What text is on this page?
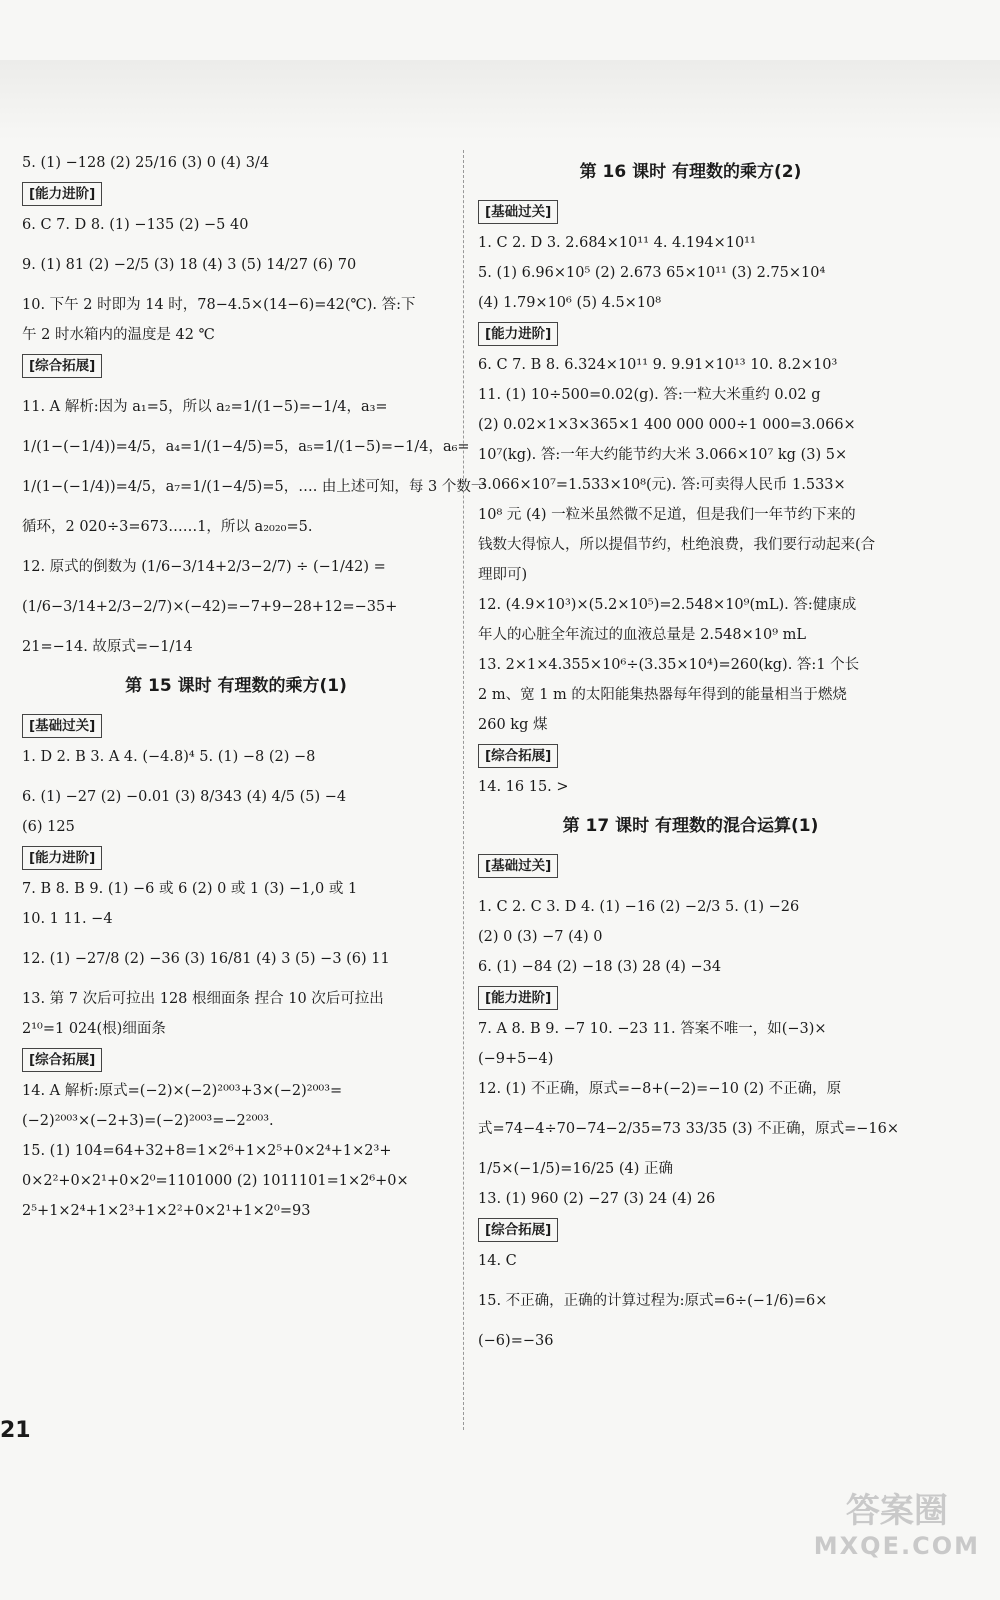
5. (1) −128 (2) 25/16 (3) 0 (4) 3/4

[能力进阶]

6. C 7. D 8. (1) −135 (2) −5 40

9. (1) 81 (2) −2/5 (3) 18 (4) 3 (5) 14/27 (6) 70

10. 下午 2 时即为 14 时，78−4.5×(14−6)=42(℃). 答:下

午 2 时水箱内的温度是 42 ℃

[综合拓展]

11. A 解析:因为 a₁=5，所以 a₂=1/(1−5)=−1/4，a₃=

1/(1−(−1/4))=4/5，a₄=1/(1−4/5)=5，a₅=1/(1−5)=−1/4，a₆=

1/(1−(−1/4))=4/5，a₇=1/(1−4/5)=5，…. 由上述可知，每 3 个数一

循环，2 020÷3=673……1，所以 a₂₀₂₀=5.

12. 原式的倒数为 (1/6−3/14+2/3−2/7) ÷ (−1/42) =

(1/6−3/14+2/3−2/7)×(−42)=−7+9−28+12=−35+

21=−14. 故原式=−1/14

第 15 课时 有理数的乘方(1)
[基础过关]

1. D 2. B 3. A 4. (−4.8)⁴ 5. (1) −8 (2) −8

6. (1) −27 (2) −0.01 (3) 8/343 (4) 4/5 (5) −4

(6) 125

[能力进阶]

7. B 8. B 9. (1) −6 或 6 (2) 0 或 1 (3) −1,0 或 1

10. 1 11. −4

12. (1) −27/8 (2) −36 (3) 16/81 (4) 3 (5) −3 (6) 11

13. 第 7 次后可拉出 128 根细面条 捏合 10 次后可拉出

2¹⁰=1 024(根)细面条

[综合拓展]

14. A 解析:原式=(−2)×(−2)²⁰⁰³+3×(−2)²⁰⁰³=

(−2)²⁰⁰³×(−2+3)=(−2)²⁰⁰³=−2²⁰⁰³.

15. (1) 104=64+32+8=1×2⁶+1×2⁵+0×2⁴+1×2³+

0×2²+0×2¹+0×2⁰=1101000 (2) 1011101=1×2⁶+0×

2⁵+1×2⁴+1×2³+1×2²+0×2¹+1×2⁰=93

第 16 课时 有理数的乘方(2)
[基础过关]

1. C 2. D 3. 2.684×10¹¹ 4. 4.194×10¹¹

5. (1) 6.96×10⁵ (2) 2.673 65×10¹¹ (3) 2.75×10⁴

(4) 1.79×10⁶ (5) 4.5×10⁸

[能力进阶]

6. C 7. B 8. 6.324×10¹¹ 9. 9.91×10¹³ 10. 8.2×10³

11. (1) 10÷500=0.02(g). 答:一粒大米重约 0.02 g

(2) 0.02×1×3×365×1 400 000 000÷1 000=3.066×

10⁷(kg). 答:一年大约能节约大米 3.066×10⁷ kg (3) 5×

3.066×10⁷=1.533×10⁸(元). 答:可卖得人民币 1.533×

10⁸ 元 (4) 一粒米虽然微不足道，但是我们一年节约下来的

钱数大得惊人，所以提倡节约，杜绝浪费，我们要行动起来(合

理即可)

12. (4.9×10³)×(5.2×10⁵)=2.548×10⁹(mL). 答:健康成

年人的心脏全年流过的血液总量是 2.548×10⁹ mL

13. 2×1×4.355×10⁶÷(3.35×10⁴)=260(kg). 答:1 个长

2 m、宽 1 m 的太阳能集热器每年得到的能量相当于燃烧

260 kg 煤

[综合拓展]

14. 16 15. >

第 17 课时 有理数的混合运算(1)
[基础过关]

1. C 2. C 3. D 4. (1) −16 (2) −2/3 5. (1) −26

(2) 0 (3) −7 (4) 0

6. (1) −84 (2) −18 (3) 28 (4) −34

[能力进阶]

7. A 8. B 9. −7 10. −23 11. 答案不唯一，如(−3)×

(−9+5−4)

12. (1) 不正确，原式=−8+(−2)=−10 (2) 不正确，原

式=74−4÷70−74−2/35=73 33/35 (3) 不正确，原式=−16×

1/5×(−1/5)=16/25 (4) 正确

13. (1) 960 (2) −27 (3) 24 (4) 26

[综合拓展]

14. C

15. 不正确，正确的计算过程为:原式=6÷(−1/6)=6×

(−6)=−36

21
答案圈
MXQE.COM
